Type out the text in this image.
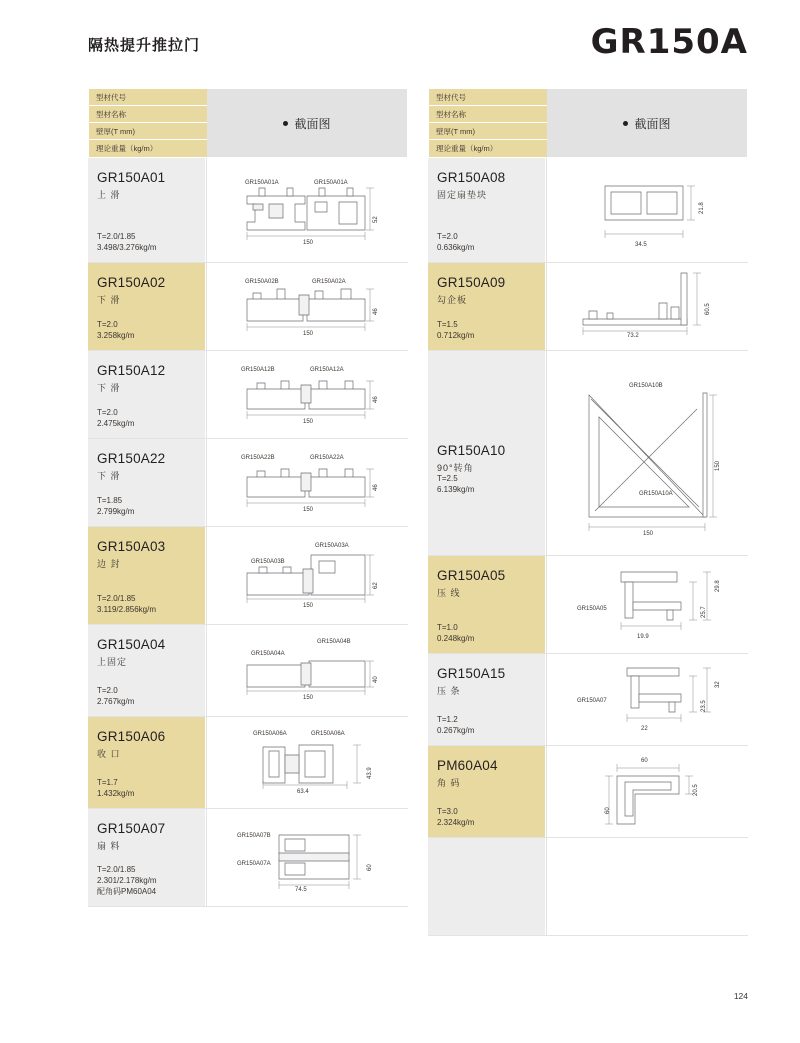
隔热提升推拉门	GR150A
型材代号
型材名称
壁厚(T mm)
理论重量（kg/m）
截面图
GR150A01
上 滑
T=2.0/1.85
3.498/3.276kg/m
GR150A01A	GR150A01A
150
52
GR150A02
下 滑
T=2.0
3.258kg/m
GR150A02B	GR150A02A
150
46
GR150A12
下 滑
T=2.0
2.475kg/m
GR150A12B	GR150A12A
150
46
GR150A22
下 滑
T=1.85
2.799kg/m
GR150A22B	GR150A22A
150
46
GR150A03
边 封
T=2.0/1.85
3.119/2.856kg/m
GR150A03B
GR150A03A
150
62
GR150A04
上固定
T=2.0
2.767kg/m
GR150A04A
GR150A04B
150
40
GR150A06
收 口
T=1.7
1.432kg/m
GR150A06A	GR150A06A
63.4
43.9
GR150A07
扇 料
T=2.0/1.85
2.301/2.178kg/m
配角码PM60A04
GR150A07B
GR150A07A
74.5
60
型材代号
型材名称
壁厚(T mm)
理论重量（kg/m）
截面图
GR150A08
固定扇垫块
T=2.0
0.636kg/m	34.5
21.8
GR150A09
勾企板
T=1.5
0.712kg/m	73.2
60.5
GR150A10
90°转角
T=2.5
6.139kg/m
GR150A10B
GR150A10A
150
150
GR150A05
压 线
T=1.0
0.248kg/m
GR150A05
19.9
29.8
25.7
GR150A15
压 条
T=1.2
0.267kg/m
GR150A07
22
32
23.5
PM60A04
角 码
T=3.0
2.324kg/m
60
60
20.5
124
